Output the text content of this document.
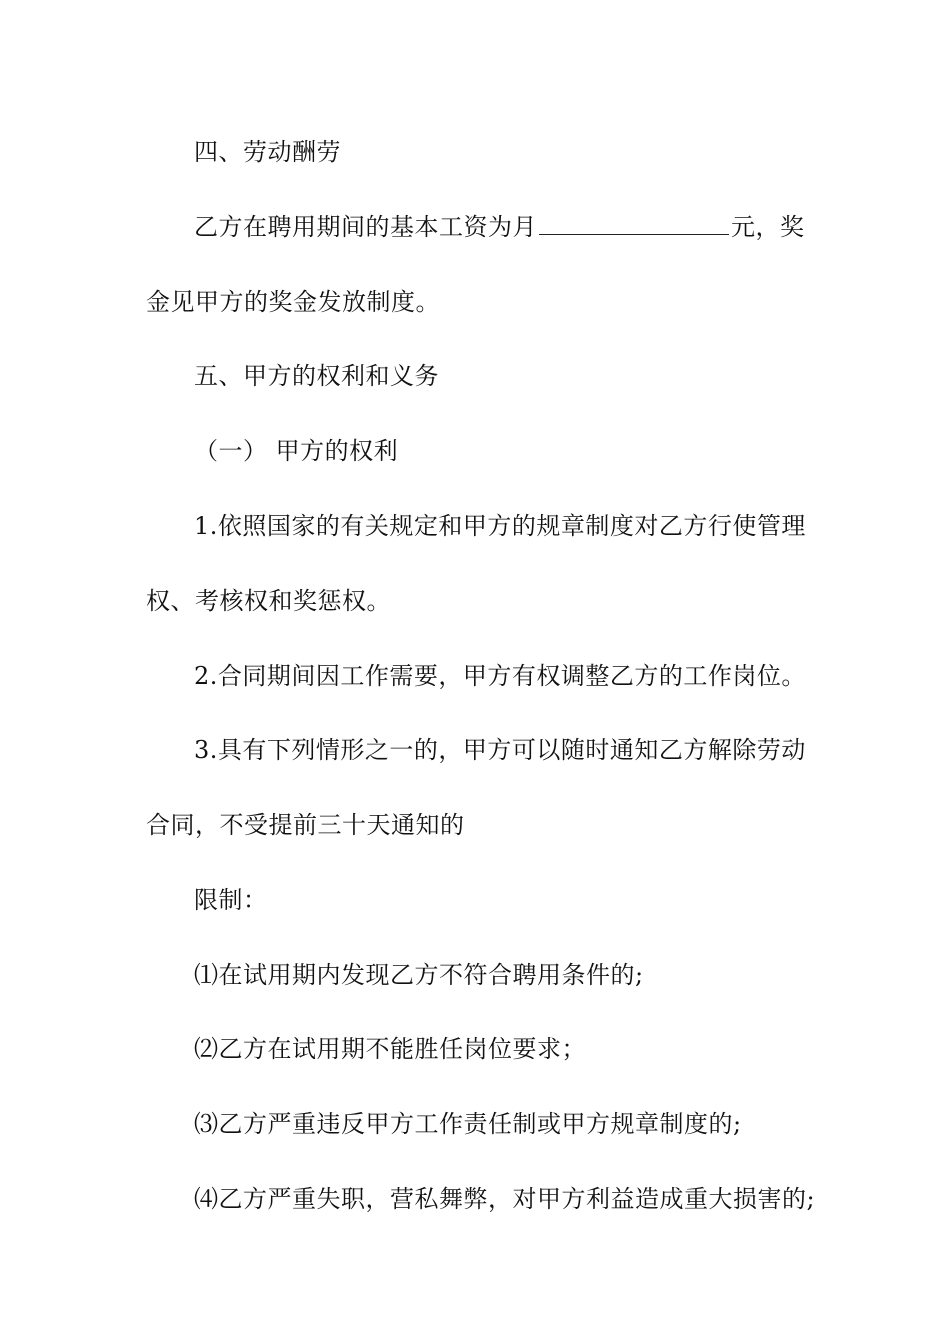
四、劳动酬劳
乙方在聘用期间的基本工资为月	元，奖
金见甲方的奖金发放制度。
五、甲方的权利和义务
（一） 甲方的权利
1.依照国家的有关规定和甲方的规章制度对乙方行使管理
权、考核权和奖惩权。
2.合同期间因工作需要，甲方有权调整乙方的工作岗位。
3.具有下列情形之一的，甲方可以随时通知乙方解除劳动
合同，不受提前三十天通知的
限制：
⑴在试用期内发现乙方不符合聘用条件的;
⑵乙方在试用期不能胜任岗位要求；
⑶乙方严重违反甲方工作责任制或甲方规章制度的;
⑷乙方严重失职，营私舞弊，对甲方利益造成重大损害的;
